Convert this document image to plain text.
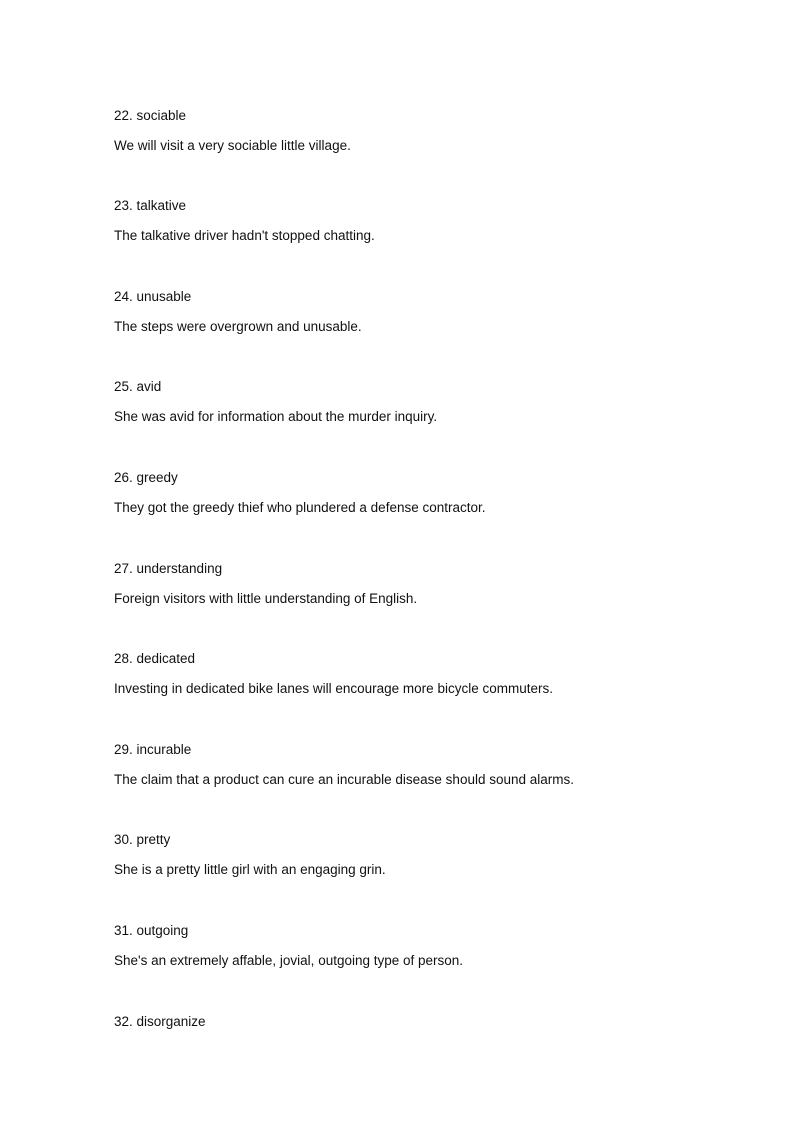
22. sociable
We will visit a very sociable little village.
23. talkative
The talkative driver hadn't stopped chatting.
24. unusable
The steps were overgrown and unusable.
25. avid
She was avid for information about the murder inquiry.
26. greedy
They got the greedy thief who plundered a defense contractor.
27. understanding
Foreign visitors with little understanding of English.
28. dedicated
Investing in dedicated bike lanes will encourage more bicycle commuters.
29. incurable
The claim that a product can cure an incurable disease should sound alarms.
30. pretty
She is a pretty little girl with an engaging grin.
31. outgoing
She's an extremely affable, jovial, outgoing type of person.
32. disorganize
